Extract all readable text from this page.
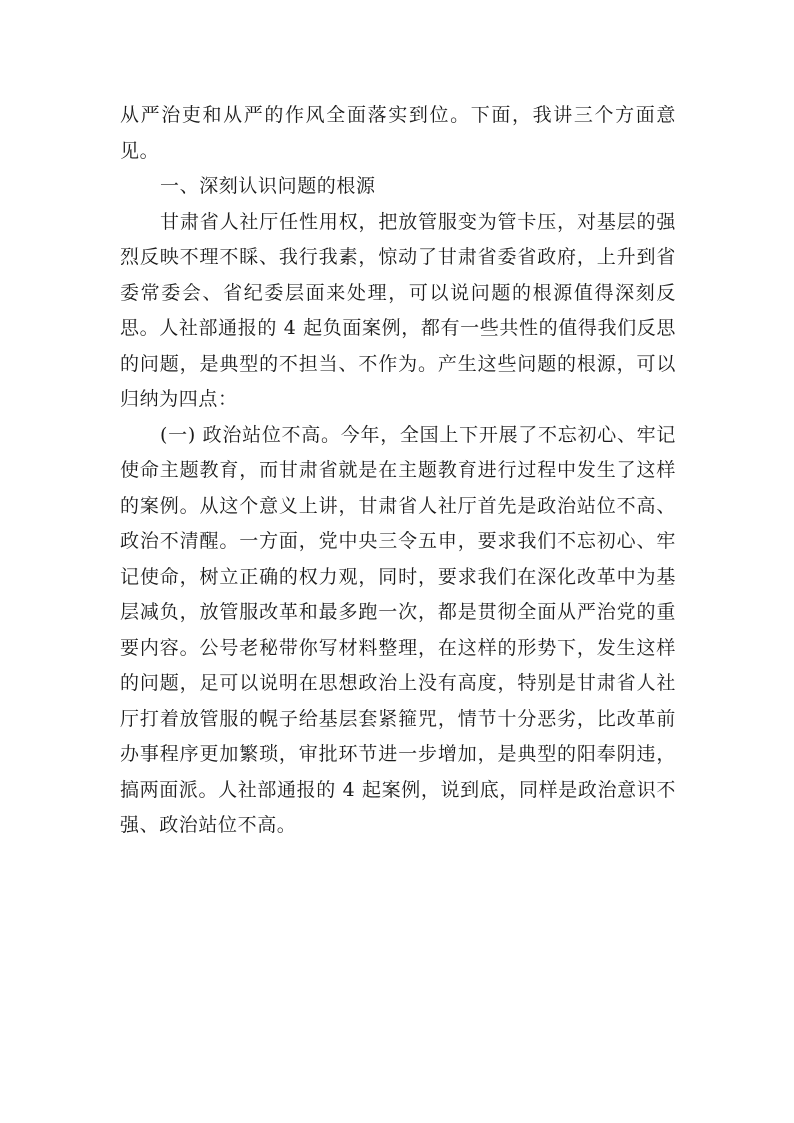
从严治吏和从严的作风全面落实到位。下面，我讲三个方面意见。

一、深刻认识问题的根源

甘肃省人社厅任性用权，把放管服变为管卡压，对基层的强烈反映不理不睬、我行我素，惊动了甘肃省委省政府，上升到省委常委会、省纪委层面来处理，可以说问题的根源值得深刻反思。人社部通报的 4 起负面案例，都有一些共性的值得我们反思的问题，是典型的不担当、不作为。产生这些问题的根源，可以归纳为四点：

(一) 政治站位不高。今年，全国上下开展了不忘初心、牢记使命主题教育，而甘肃省就是在主题教育进行过程中发生了这样的案例。从这个意义上讲，甘肃省人社厅首先是政治站位不高、政治不清醒。一方面，党中央三令五申，要求我们不忘初心、牢记使命，树立正确的权力观，同时，要求我们在深化改革中为基层减负，放管服改革和最多跑一次，都是贯彻全面从严治党的重要内容。公号老秘带你写材料整理，在这样的形势下，发生这样的问题，足可以说明在思想政治上没有高度，特别是甘肃省人社厅打着放管服的幌子给基层套紧箍咒，情节十分恶劣，比改革前办事程序更加繁琐，审批环节进一步增加，是典型的阳奉阴违，搞两面派。人社部通报的 4 起案例，说到底，同样是政治意识不强、政治站位不高。
